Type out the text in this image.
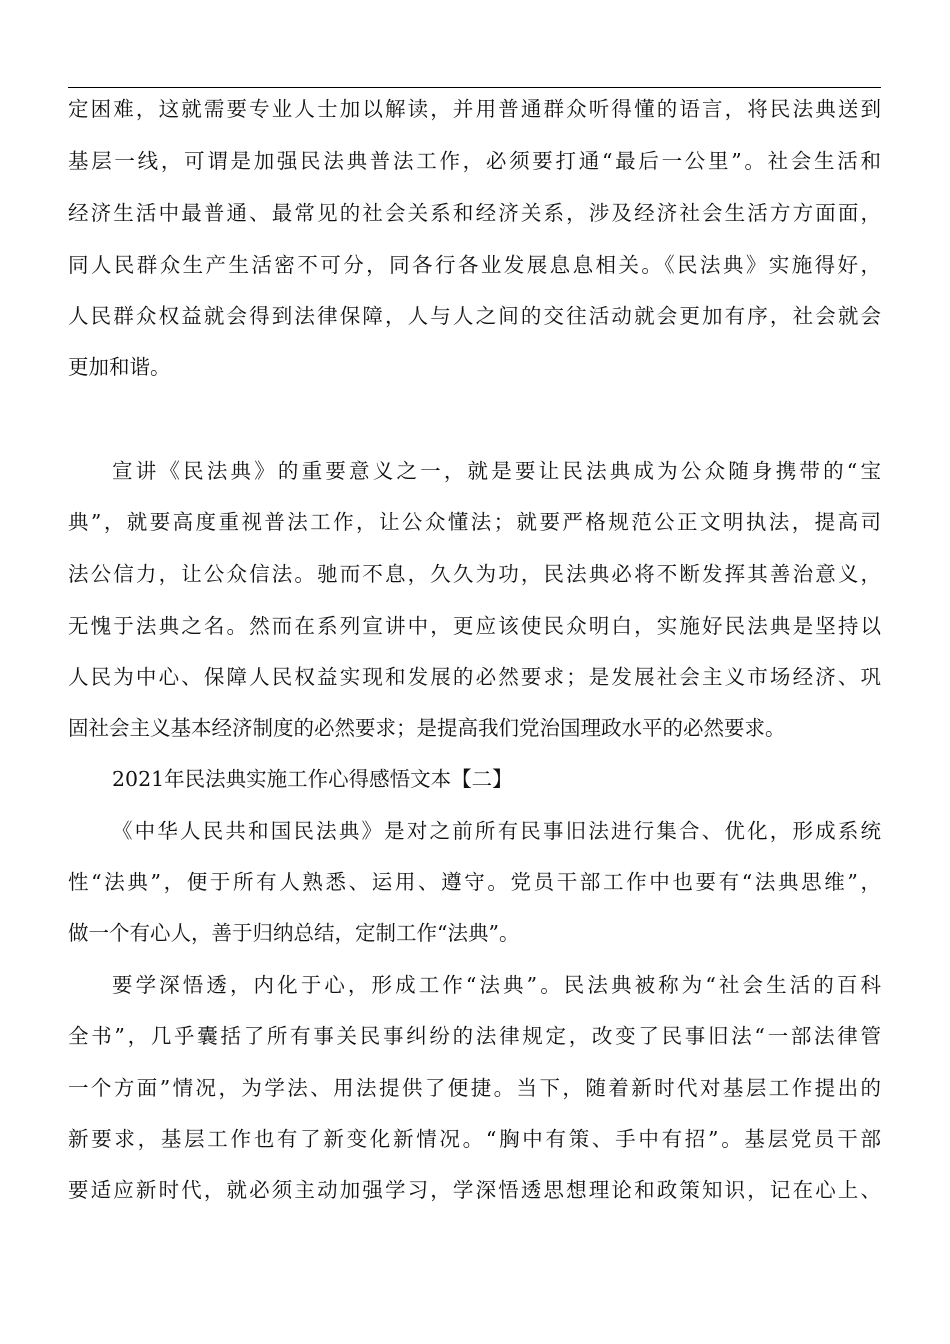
定困难，这就需要专业人士加以解读，并用普通群众听得懂的语言，将民法典送到
基层一线，可谓是加强民法典普法工作，必须要打通“最后一公里”。社会生活和
经济生活中最普通、最常见的社会关系和经济关系，涉及经济社会生活方方面面，
同人民群众生产生活密不可分，同各行各业发展息息相关。《民法典》实施得好，
人民群众权益就会得到法律保障，人与人之间的交往活动就会更加有序，社会就会
更加和谐。
宣讲《民法典》的重要意义之一，就是要让民法典成为公众随身携带的“宝
典”，就要高度重视普法工作，让公众懂法；就要严格规范公正文明执法，提高司
法公信力，让公众信法。驰而不息，久久为功，民法典必将不断发挥其善治意义，
无愧于法典之名。然而在系列宣讲中，更应该使民众明白，实施好民法典是坚持以
人民为中心、保障人民权益实现和发展的必然要求；是发展社会主义市场经济、巩
固社会主义基本经济制度的必然要求；是提高我们党治国理政水平的必然要求。
2021年民法典实施工作心得感悟文本【二】
《中华人民共和国民法典》是对之前所有民事旧法进行集合、优化，形成系统
性“法典”，便于所有人熟悉、运用、遵守。党员干部工作中也要有“法典思维”，
做一个有心人，善于归纳总结，定制工作“法典”。
要学深悟透，内化于心，形成工作“法典”。民法典被称为“社会生活的百科
全书”，几乎囊括了所有事关民事纠纷的法律规定，改变了民事旧法“一部法律管
一个方面”情况，为学法、用法提供了便捷。当下，随着新时代对基层工作提出的
新要求，基层工作也有了新变化新情况。“胸中有策、手中有招”。基层党员干部
要适应新时代，就必须主动加强学习，学深悟透思想理论和政策知识，记在心上、
